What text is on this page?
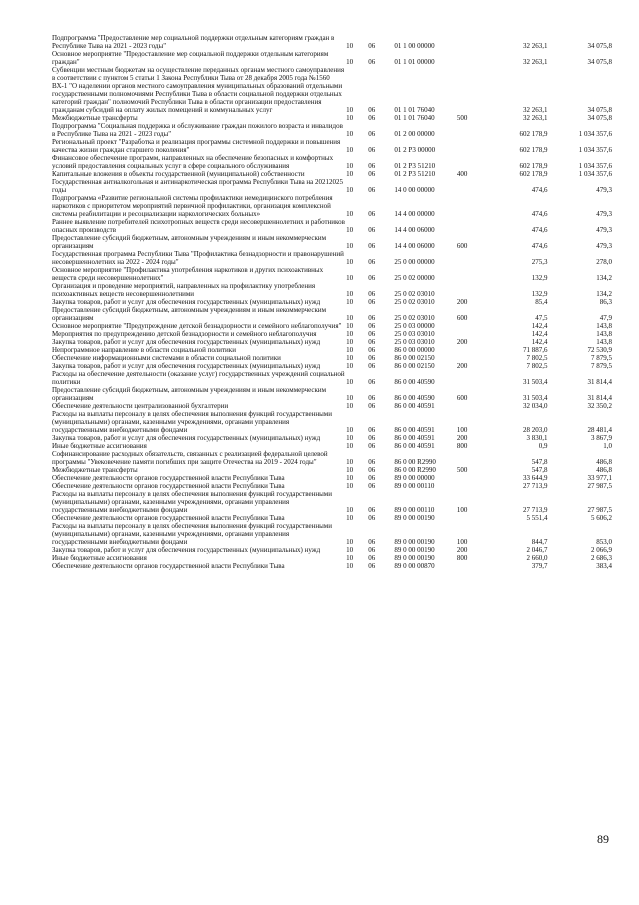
Подпрограмма "Предоставление мер социальной поддержки отдельным категориям граждан в Республике Тыва на 2021 - 2023 годы"	10	06	01 1 00 00000		32 263,1	34 075,8
Основное мероприятие "Предоставление мер социальной поддержки отдельным категориям граждан"	10	06	01 1 01 00000		32 263,1	34 075,8
Субвенции местным бюджетам на осуществление переданных органам местного самоуправления в соответствии с пунктом 5 статьи 1 Закона Республики Тыва от 28 декабря 2005 года №1560 ВХ-1 "О наделении органов местного самоуправления муниципальных образований отдельными государственными полномочиями Республики Тыва в области социальной поддержки отдельных категорий граждан" полномочий Республики Тыва в области организации предоставления гражданам субсидий на оплату жилых помещений и коммунальных услуг	10	06	01 1 01 76040		32 263,1	34 075,8
Межбюджетные трансферты	10	06	01 1 01 76040	500	32 263,1	34 075,8
Подпрограмма "Социальная поддержка и обслуживание граждан пожилого возраста и инвалидов в Республике Тыва на 2021 - 2023 годы"	10	06	01 2 00 00000		602 178,9	1 034 357,6
Региональный проект "Разработка и реализация программы системной поддержки и повышения качества жизни граждан старшего поколения"	10	06	01 2 P3 00000		602 178,9	1 034 357,6
Финансовое обеспечение программ, направленных на обеспечение безопасных и комфортных условий предоставления социальных услуг в сфере социального обслуживания	10	06	01 2 P3 51210		602 178,9	1 034 357,6
Капитальные вложения в объекты государственной (муниципальной) собственности	10	06	01 2 P3 51210	400	602 178,9	1 034 357,6
Государственная антиалкогольная и антинаркотическая программа Республики Тыва на 20212025 годы	10	06	14 0 00 00000		474,6	479,3
Подпрограмма «Развитие региональной системы профилактики немедицинского потребления наркотиков с приоритетом мероприятий первичной профилактики, организация комплексной системы реабилитации и ресоциализации наркологических больных»	10	06	14 4 00 00000		474,6	479,3
Раннее выявление потребителей психотропных веществ среди несовершеннолетних и работников опасных производств	10	06	14 4 00 06000		474,6	479,3
Предоставление субсидий бюджетным, автономным учреждениям и иным некоммерческим организациям	10	06	14 4 00 06000	600	474,6	479,3
Государственная программа Республики Тыва "Профилактика безнадзорности и правонарушений несовершеннолетних на 2022 - 2024 годы"	10	06	25 0 00 00000		275,3	278,0
Основное мероприятие "Профилактика употребления наркотиков и других психоактивных веществ среди несовершеннолетних"	10	06	25 0 02 00000		132,9	134,2
Организация и проведение мероприятий, направленных на профилактику употребления психоактивных веществ несовершеннолетними	10	06	25 0 02 03010		132,9	134,2
Закупка товаров, работ и услуг для обеспечения государственных (муниципальных) нужд	10	06	25 0 02 03010	200	85,4	86,3
Предоставление субсидий бюджетным, автономным учреждениям и иным некоммерческим организациям	10	06	25 0 02 03010	600	47,5	47,9
Основное мероприятие "Предупреждение детской безнадзорности и семейного неблагополучия"	10	06	25 0 03 00000		142,4	143,8
Мероприятия по предупреждению детской безнадзорности и семейного неблагополучия	10	06	25 0 03 03010		142,4	143,8
Закупка товаров, работ и услуг для обеспечения государственных (муниципальных) нужд	10	06	25 0 03 03010	200	142,4	143,8
Непрограммное направление в области социальной политики	10	06	86 0 00 00000		71 887,6	72 530,9
Обеспечение информационными системами в области социальной политики	10	06	86 0 00 02150		7 802,5	7 879,5
Закупка товаров, работ и услуг для обеспечения государственных (муниципальных) нужд	10	06	86 0 00 02150	200	7 802,5	7 879,5
Расходы на обеспечение деятельности (оказание услуг) государственных учреждений социальной политики	10	06	86 0 00 40590		31 503,4	31 814,4
Предоставление субсидий бюджетным, автономным учреждениям и иным некоммерческим организациям	10	06	86 0 00 40590	600	31 503,4	31 814,4
Обеспечение деятельности централизованной бухгалтерии	10	06	86 0 00 40591		32 034,0	32 350,2
Расходы на выплаты персоналу в целях обеспечения выполнения функций государственными (муниципальными) органами, казенными учреждениями, органами управления государственными внебюджетными фондами	10	06	86 0 00 40591	100	28 203,0	28 481,4
Закупка товаров, работ и услуг для обеспечения государственных (муниципальных) нужд	10	06	86 0 00 40591	200	3 830,1	3 867,9
Иные бюджетные ассигнования	10	06	86 0 00 40591	800	0,9	1,0
Софинансирование расходных обязательств, связанных с реализацией федеральной целевой программы "Увековечение памяти погибших при защите Отечества на 2019 - 2024 годы"	10	06	86 0 00 R2990		547,8	486,8
Межбюджетные трансферты	10	06	86 0 00 R2990	500	547,8	486,8
Обеспечение деятельности органов государственной власти Республики Тыва	10	06	89 0 00 00000		33 644,9	33 977,1
Обеспечение деятельности органов государственной власти Республики Тыва	10	06	89 0 00 00110		27 713,9	27 987,5
Расходы на выплаты персоналу в целях обеспечения выполнения функций государственными (муниципальными) органами, казенными учреждениями, органами управления государственными внебюджетными фондами	10	06	89 0 00 00110	100	27 713,9	27 987,5
Обеспечение деятельности органов государственной власти Республики Тыва	10	06	89 0 00 00190		5 551,4	5 606,2
Расходы на выплаты персоналу в целях обеспечения выполнения функций государственными (муниципальными) органами, казенными учреждениями, органами управления государственными внебюджетными фондами	10	06	89 0 00 00190	100	844,7	853,0
Закупка товаров, работ и услуг для обеспечения государственных (муниципальных) нужд	10	06	89 0 00 00190	200	2 046,7	2 066,9
Иные бюджетные ассигнования	10	06	89 0 00 00190	800	2 660,0	2 686,3
Обеспечение деятельности органов государственной власти Республики Тыва	10	06	89 0 00 00870		379,7	383,4
89
